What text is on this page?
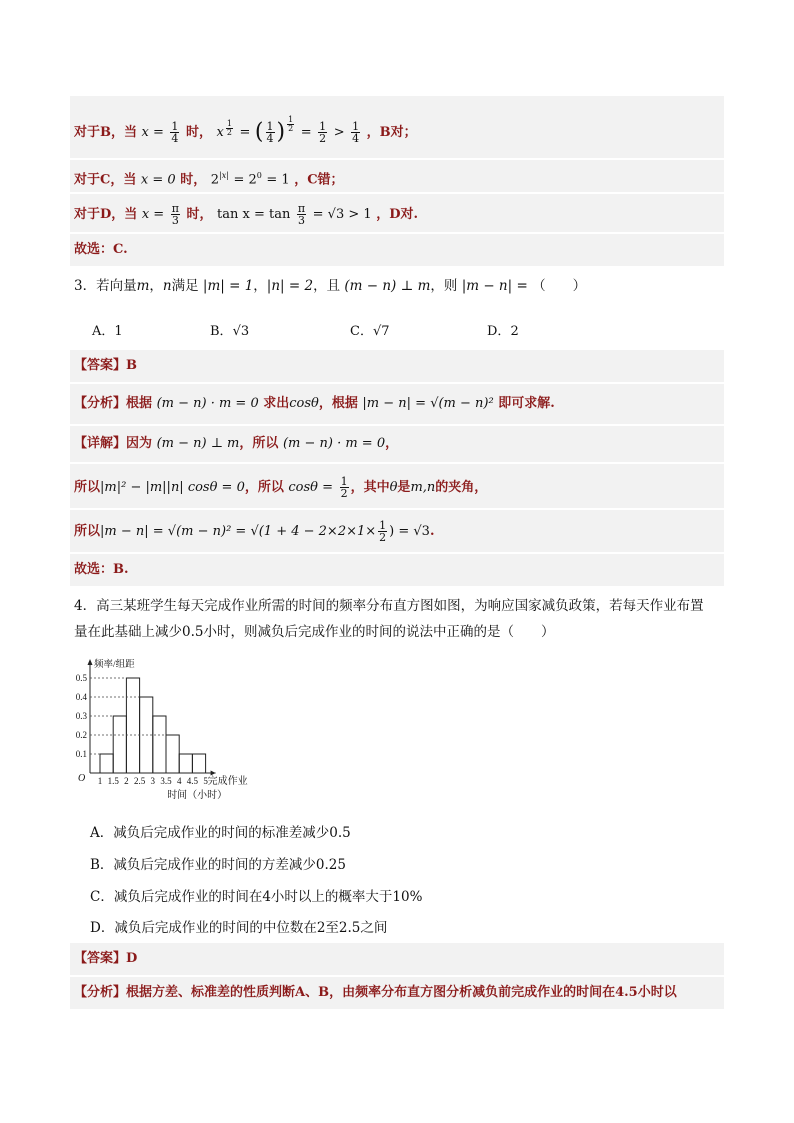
对于B，当 $x = \frac{1}{4}$ 时， x $\frac{1}{2}$ = ( $\frac{1}{4}$ ) $\frac{1}{2} = \frac{1}{2} > \frac{1}{4}$ ，B对；
对于C，当 x = 0 时， $2^{|x|} = 2^0 = 1$ ，C错；
对于D，当 $x = \frac{\pi}{3}$ 时， $\tan x = \tan \frac{\pi}{3} = √3 > 1$ ，D对.
故选：C.
3．若向量m，n满足 |m| = 1，|n| = 2，且 (m − n) ⊥ m，则 |m − n| = （　　）
A．1	B．√3	C．√7	D．2
【答案】B
【分析】根据 (m − n) · m = 0 求出cosθ，根据 |m − n| = √(m − n)² 即可求解.
【详解】因为 (m − n) ⊥ m，所以 (m − n) · m = 0，
所以|m|² − |m||n| cosθ = 0，所以 $\cos\theta = \frac{1}{2}$ ，其中θ是m,n的夹角，
所以$|m - n| = √(m - n)^2 = √(1 + 4 - 2\times 2\times 1\times \frac{1}{2}$ ) = √3.
故选：B.
4．高三某班学生每天完成作业所需的时间的频率分布直方图如图，为响应国家减负政策，若每天作业布置
量在此基础上减少0.5小时，则减负后完成作业的时间的说法中正确的是（　　）
0.1
0.2
0.3
0.4
0.5
1 1.5 2 2.5 3 3.5 4 4.5 5
频率/组距
O	完成作业
时间（小时）
A．减负后完成作业的时间的标准差减少0.5
B．减负后完成作业的时间的方差减少0.25
C．减负后完成作业的时间在4小时以上的概率大于10%
D．减负后完成作业的时间的中位数在2至2.5之间
【答案】D
【分析】根据方差、标准差的性质判断A、B，由频率分布直方图分析减负前完成作业的时间在4.5小时以
